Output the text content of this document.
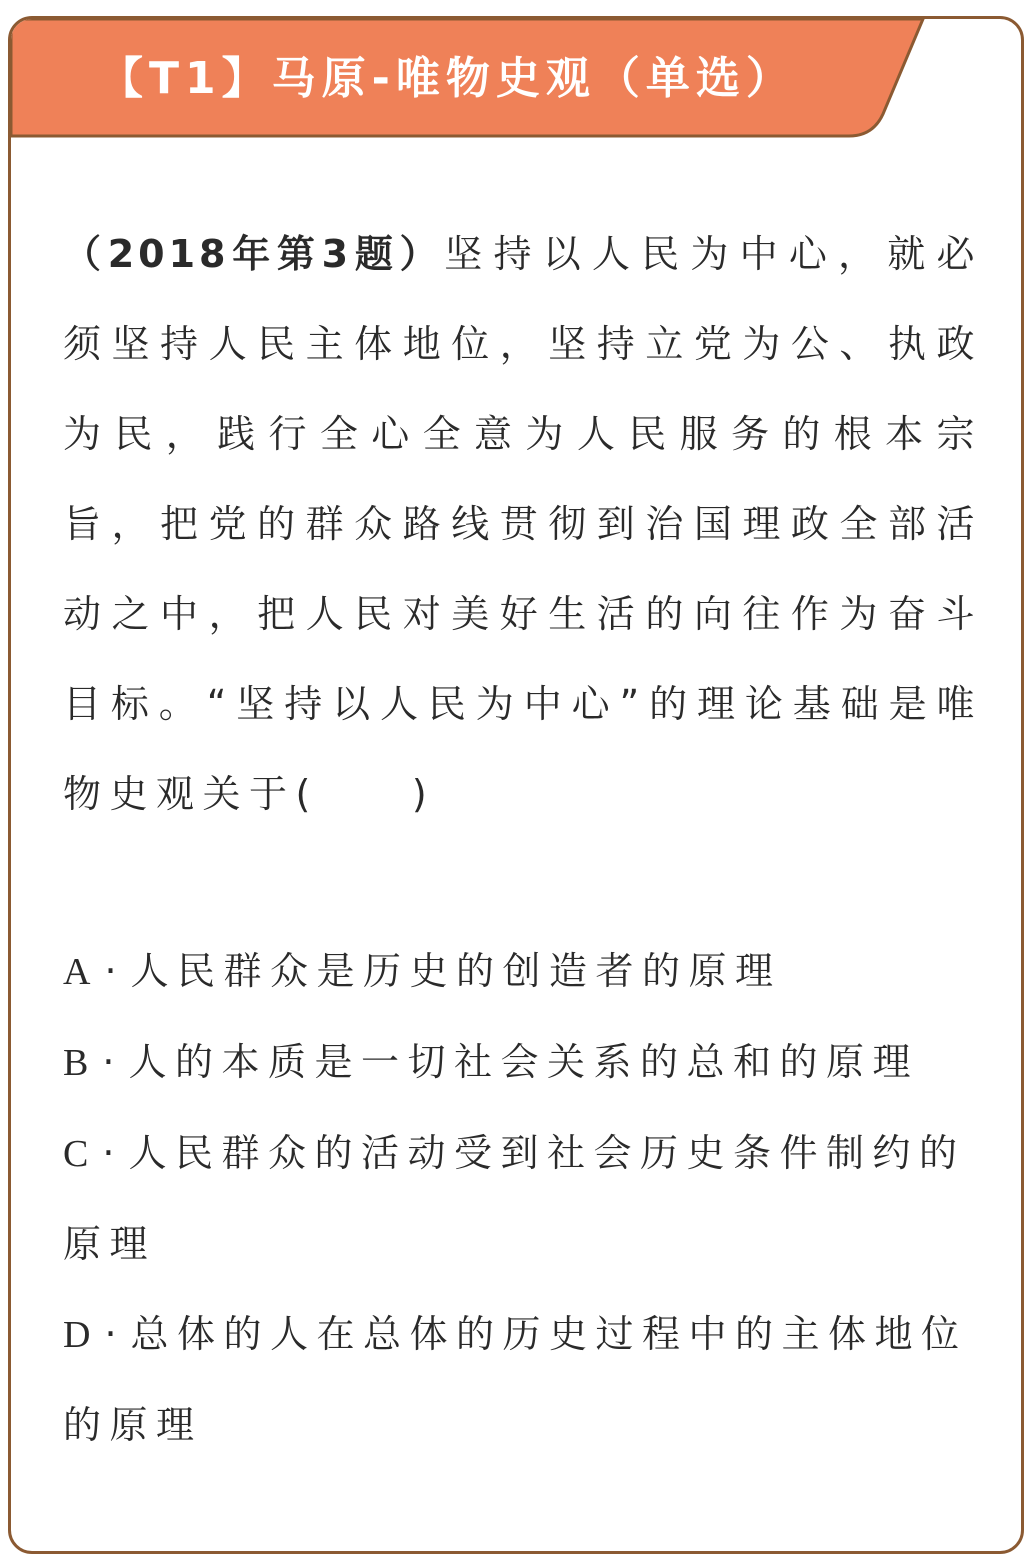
【T1】马原-唯物史观（单选）
（2018年第3题）坚持以人民为中心，就必须坚持人民主体地位，坚持立党为公、执政为民，践行全心全意为人民服务的根本宗旨，把党的群众路线贯彻到治国理政全部活动之中，把人民对美好生活的向往作为奋斗目标。“坚持以人民为中心”的理论基础是唯物史观关于(　　)
A · 人民群众是历史的创造者的原理
B · 人的本质是一切社会关系的总和的原理
C · 人民群众的活动受到社会历史条件制约的原理
D · 总体的人在总体的历史过程中的主体地位的原理
